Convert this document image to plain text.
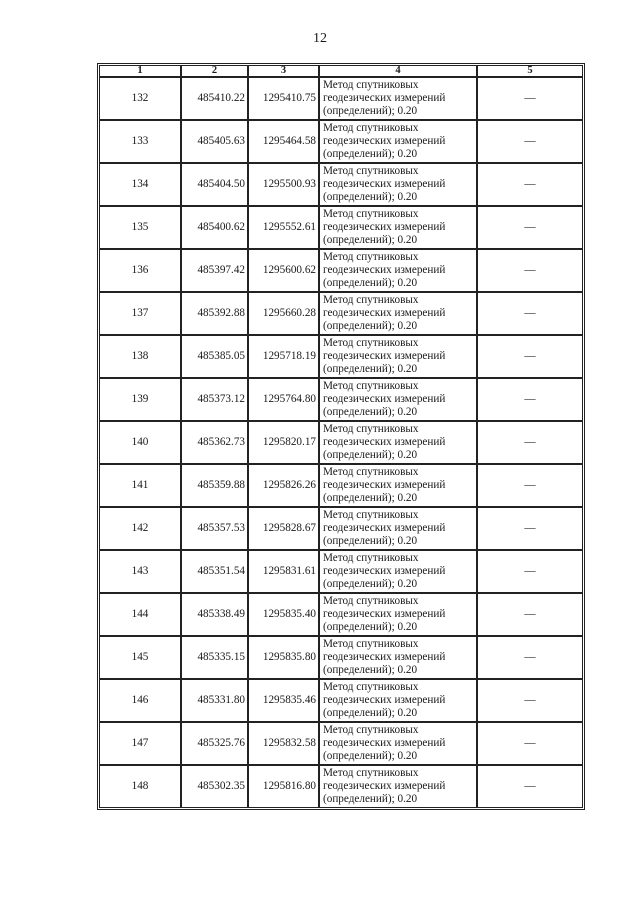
12
1	2	3	4	5
132	485410.22	1295410.75	Метод спутниковых
геодезических измерений
(определений); 0.20	—
133	485405.63	1295464.58	Метод спутниковых
геодезических измерений
(определений); 0.20	—
134	485404.50	1295500.93	Метод спутниковых
геодезических измерений
(определений); 0.20	—
135	485400.62	1295552.61	Метод спутниковых
геодезических измерений
(определений); 0.20	—
136	485397.42	1295600.62	Метод спутниковых
геодезических измерений
(определений); 0.20	—
137	485392.88	1295660.28	Метод спутниковых
геодезических измерений
(определений); 0.20	—
138	485385.05	1295718.19	Метод спутниковых
геодезических измерений
(определений); 0.20	—
139	485373.12	1295764.80	Метод спутниковых
геодезических измерений
(определений); 0.20	—
140	485362.73	1295820.17	Метод спутниковых
геодезических измерений
(определений); 0.20	—
141	485359.88	1295826.26	Метод спутниковых
геодезических измерений
(определений); 0.20	—
142	485357.53	1295828.67	Метод спутниковых
геодезических измерений
(определений); 0.20	—
143	485351.54	1295831.61	Метод спутниковых
геодезических измерений
(определений); 0.20	—
144	485338.49	1295835.40	Метод спутниковых
геодезических измерений
(определений); 0.20	—
145	485335.15	1295835.80	Метод спутниковых
геодезических измерений
(определений); 0.20	—
146	485331.80	1295835.46	Метод спутниковых
геодезических измерений
(определений); 0.20	—
147	485325.76	1295832.58	Метод спутниковых
геодезических измерений
(определений); 0.20	—
148	485302.35	1295816.80	Метод спутниковых
геодезических измерений
(определений); 0.20	—
